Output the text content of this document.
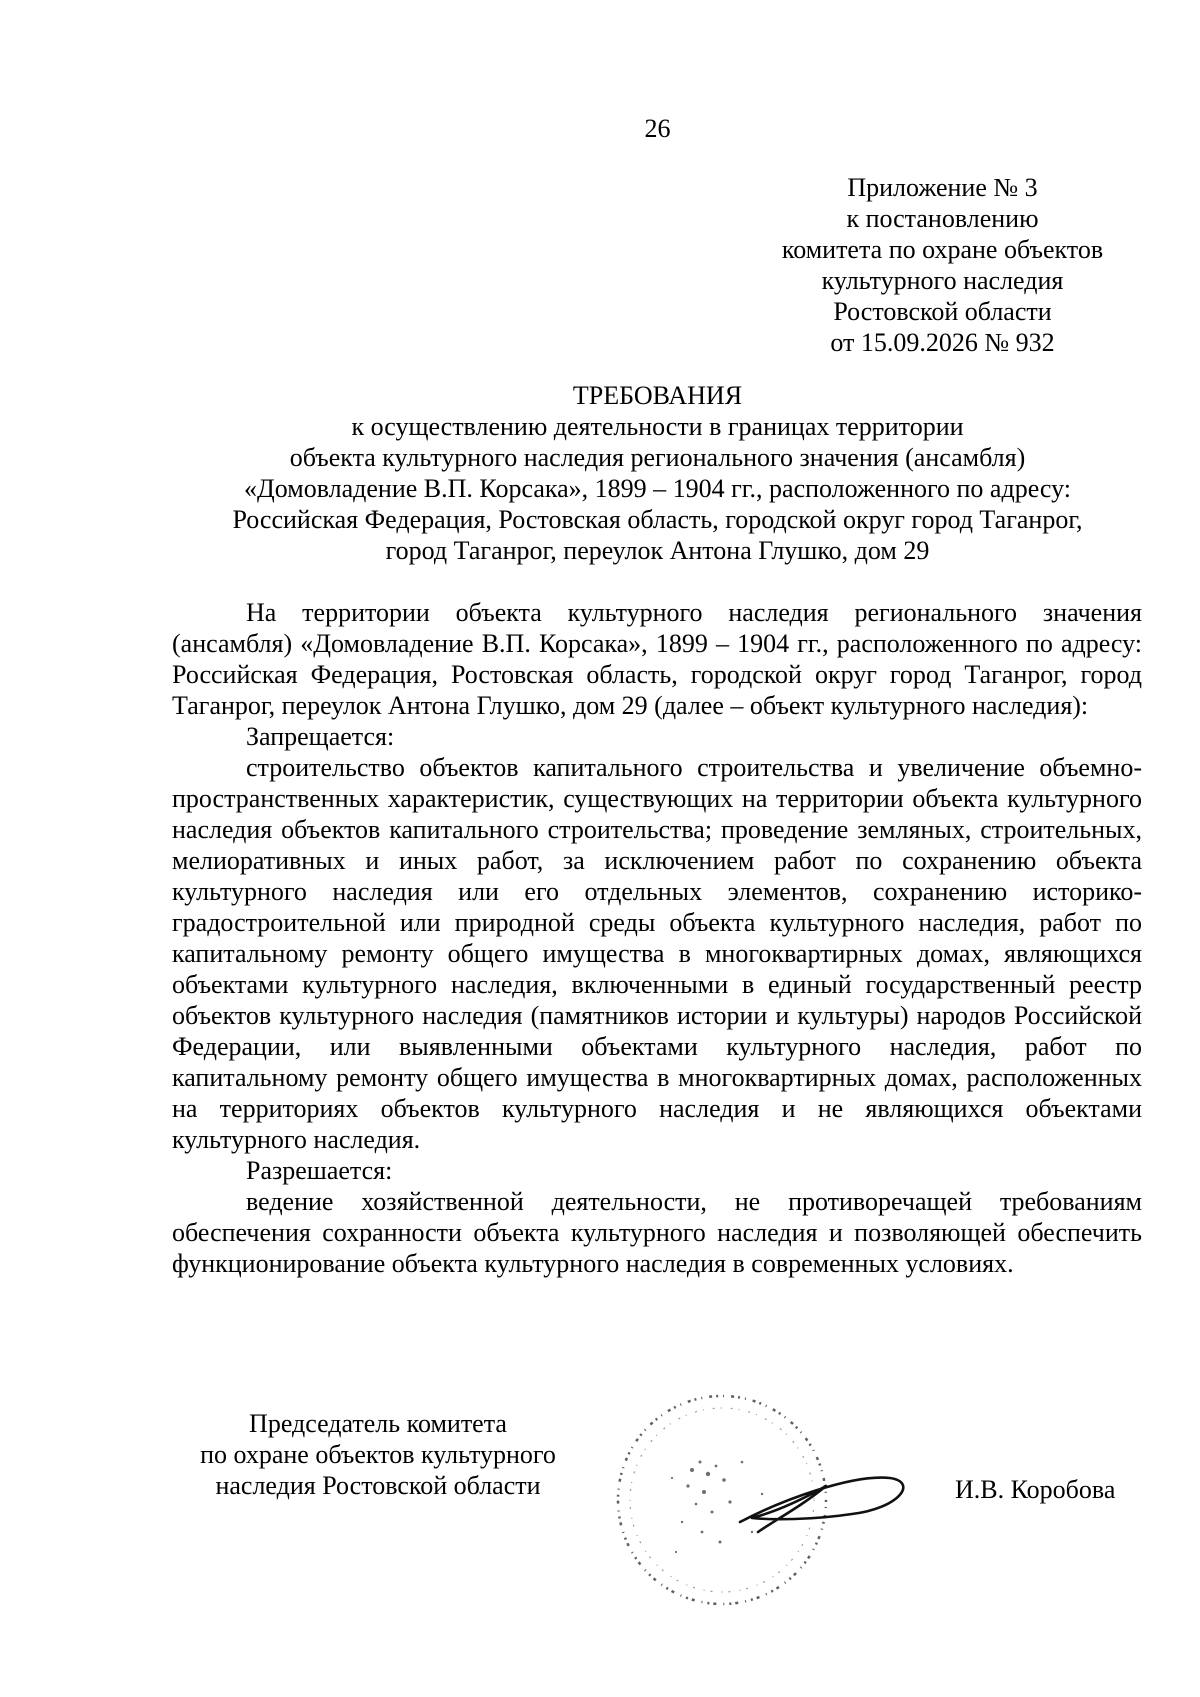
26
Приложение № 3
к постановлению
комитета по охране объектов
культурного наследия
Ростовской области
от 15.09.2026 № 932
ТРЕБОВАНИЯ
к осуществлению деятельности в границах территории
объекта культурного наследия регионального значения (ансамбля)
«Домовладение В.П. Корсака», 1899 – 1904 гг., расположенного по адресу:
Российская Федерация, Ростовская область, городской округ город Таганрог,
город Таганрог, переулок Антона Глушко, дом 29

На территории объекта культурного наследия регионального значения (ансамбля) «Домовладение В.П. Корсака», 1899 – 1904 гг., расположенного по адресу: Российская Федерация, Ростовская область, городской округ город Таганрог, город Таганрог, переулок Антона Глушко, дом 29 (далее – объект культурного наследия):

Запрещается:

строительство объектов капитального строительства и увеличение объемно-пространственных характеристик, существующих на территории объекта культурного наследия объектов капитального строительства; проведение земляных, строительных, мелиоративных и иных работ, за исключением работ по сохранению объекта культурного наследия или его отдельных элементов, сохранению историко-градостроительной или природной среды объекта культурного наследия, работ по капитальному ремонту общего имущества в многоквартирных домах, являющихся объектами культурного наследия, включенными в единый государственный реестр объектов культурного наследия (памятников истории и культуры) народов Российской Федерации, или выявленными объектами культурного наследия, работ по капитальному ремонту общего имущества в многоквартирных домах, расположенных на территориях объектов культурного наследия и не являющихся объектами культурного наследия.

Разрешается:

ведение хозяйственной деятельности, не противоречащей требованиям обеспечения сохранности объекта культурного наследия и позволяющей обеспечить функционирование объекта культурного наследия в современных условиях.

Председатель комитета
по охране объектов культурного
наследия Ростовской области	И.В. Коробова
